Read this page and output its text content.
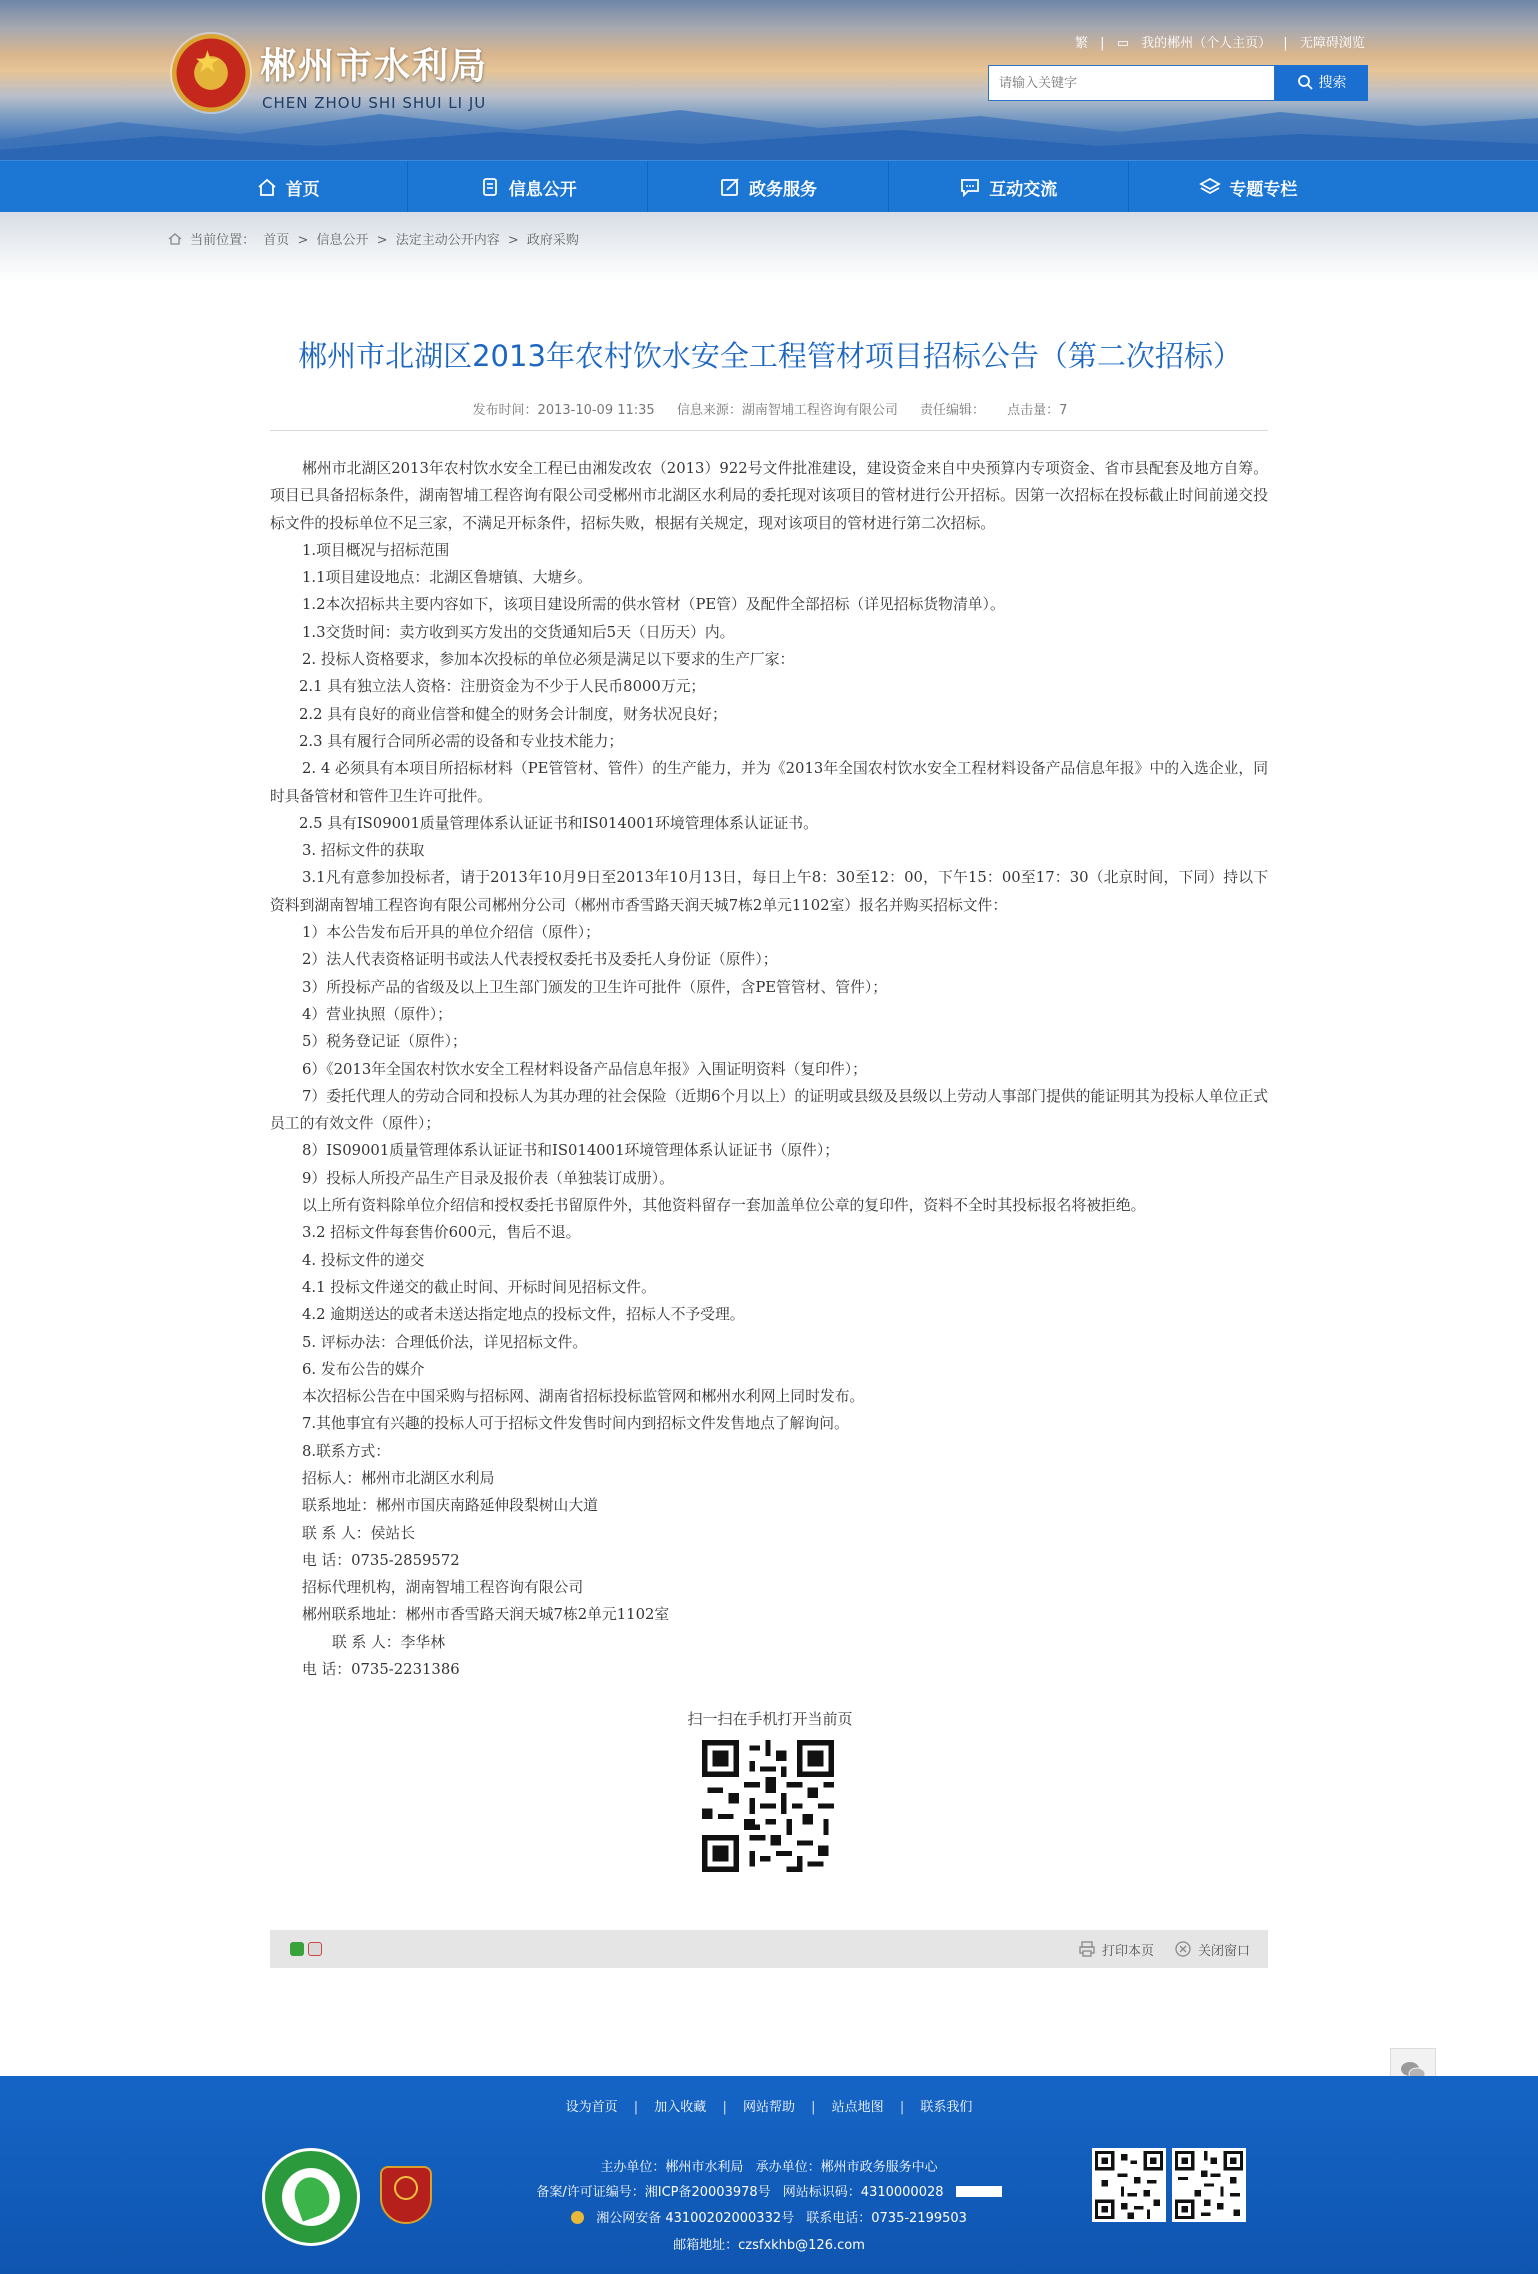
★ 郴州市水利局
CHEN ZHOU SHI SHUI LI JU
繁 | ▭ 我的郴州（个人主页） | 无障碍浏览
请输入关键字
搜索
首页	信息公开	政务服务	互动交流	专题专栏
当前位置： 首页 > 信息公开 > 法定主动公开内容 > 政府采购
郴州市北湖区2013年农村饮水安全工程管材项目招标公告（第二次招标）
发布时间：2013-10-09 11:35 信息来源：湖南智埔工程咨询有限公司 责任编辑： 点击量：7

郴州市北湖区2013年农村饮水安全工程已由湘发改农（2013）922号文件批准建设，建设资金来自中央预算内专项资金、省市县配套及地方自筹。项目已具备招标条件，湖南智埔工程咨询有限公司受郴州市北湖区水利局的委托现对该项目的管材进行公开招标。因第一次招标在投标截止时间前递交投标文件的投标单位不足三家，不满足开标条件，招标失败，根据有关规定，现对该项目的管材进行第二次招标。

1.项目概况与招标范围

1.1项目建设地点：北湖区鲁塘镇、大塘乡。

1.2本次招标共主要内容如下，该项目建设所需的供水管材（PE管）及配件全部招标（详见招标货物清单）。

1.3交货时间：卖方收到买方发出的交货通知后5天（日历天）内。

2. 投标人资格要求，参加本次投标的单位必须是满足以下要求的生产厂家：

2.1 具有独立法人资格：注册资金为不少于人民币8000万元；

2.2 具有良好的商业信誉和健全的财务会计制度，财务状况良好；

2.3 具有履行合同所必需的设备和专业技术能力；

2. 4 必须具有本项目所招标材料（PE管管材、管件）的生产能力，并为《2013年全国农村饮水安全工程材料设备产品信息年报》中的入选企业，同时具备管材和管件卫生许可批件。

2.5 具有IS09001质量管理体系认证证书和IS014001环境管理体系认证证书。

3. 招标文件的获取

3.1凡有意参加投标者，请于2013年10月9日至2013年10月13日，每日上午8：30至12：00，下午15：00至17：30（北京时间，下同）持以下资料到湖南智埔工程咨询有限公司郴州分公司（郴州市香雪路天润天城7栋2单元1102室）报名并购买招标文件：

1）本公告发布后开具的单位介绍信（原件）；

2）法人代表资格证明书或法人代表授权委托书及委托人身份证（原件）；

3）所投标产品的省级及以上卫生部门颁发的卫生许可批件（原件，含PE管管材、管件）；

4）营业执照（原件）；

5）税务登记证（原件）；

6）《2013年全国农村饮水安全工程材料设备产品信息年报》入围证明资料（复印件）；

7）委托代理人的劳动合同和投标人为其办理的社会保险（近期6个月以上）的证明或县级及县级以上劳动人事部门提供的能证明其为投标人单位正式员工的有效文件（原件）；

8）IS09001质量管理体系认证证书和IS014001环境管理体系认证证书（原件）；

9）投标人所投产品生产目录及报价表（单独装订成册）。

以上所有资料除单位介绍信和授权委托书留原件外，其他资料留存一套加盖单位公章的复印件，资料不全时其投标报名将被拒绝。

3.2 招标文件每套售价600元，售后不退。

4. 投标文件的递交

4.1 投标文件递交的截止时间、开标时间见招标文件。

4.2 逾期送达的或者未送达指定地点的投标文件，招标人不予受理。

5. 评标办法：合理低价法，详见招标文件。

6. 发布公告的媒介

本次招标公告在中国采购与招标网、湖南省招标投标监管网和郴州水利网上同时发布。

7.其他事宜有兴趣的投标人可于招标文件发售时间内到招标文件发售地点了解询问。

8.联系方式：

招标人：郴州市北湖区水利局

联系地址：郴州市国庆南路延伸段梨树山大道

联 系 人：侯站长

电 话：0735-2859572

招标代理机构，湖南智埔工程咨询有限公司

郴州联系地址：郴州市香雪路天润天城7栋2单元1102室

联 系 人：李华林

电 话：0735-2231386

扫一扫在手机打开当前页
打印本页	关闭窗口
设为首页 | 加入收藏 | 网站帮助 | 站点地图 | 联系我们
主办单位：郴州市水利局 承办单位：郴州市政务服务中心
备案/许可证编号：湘ICP备20003978号 网站标识码：4310000028
湘公网安备 43100202000332号 联系电话：0735-2199503
邮箱地址：czsfxkhb@126.com
